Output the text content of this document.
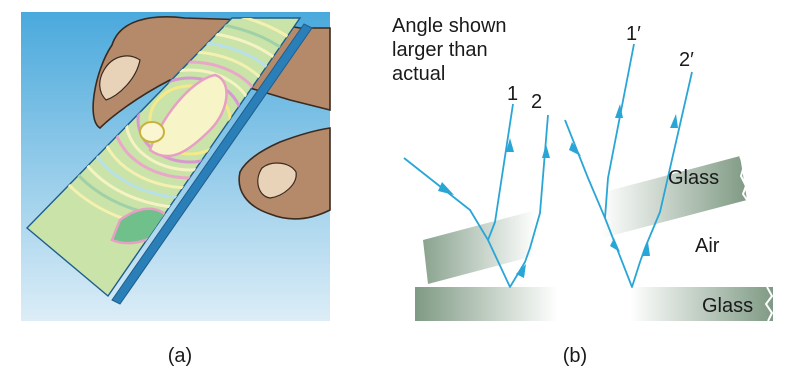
(a)
Angle shown
larger than
actual
1 2
1′
2′
Glass
Air
Glass
(b)
